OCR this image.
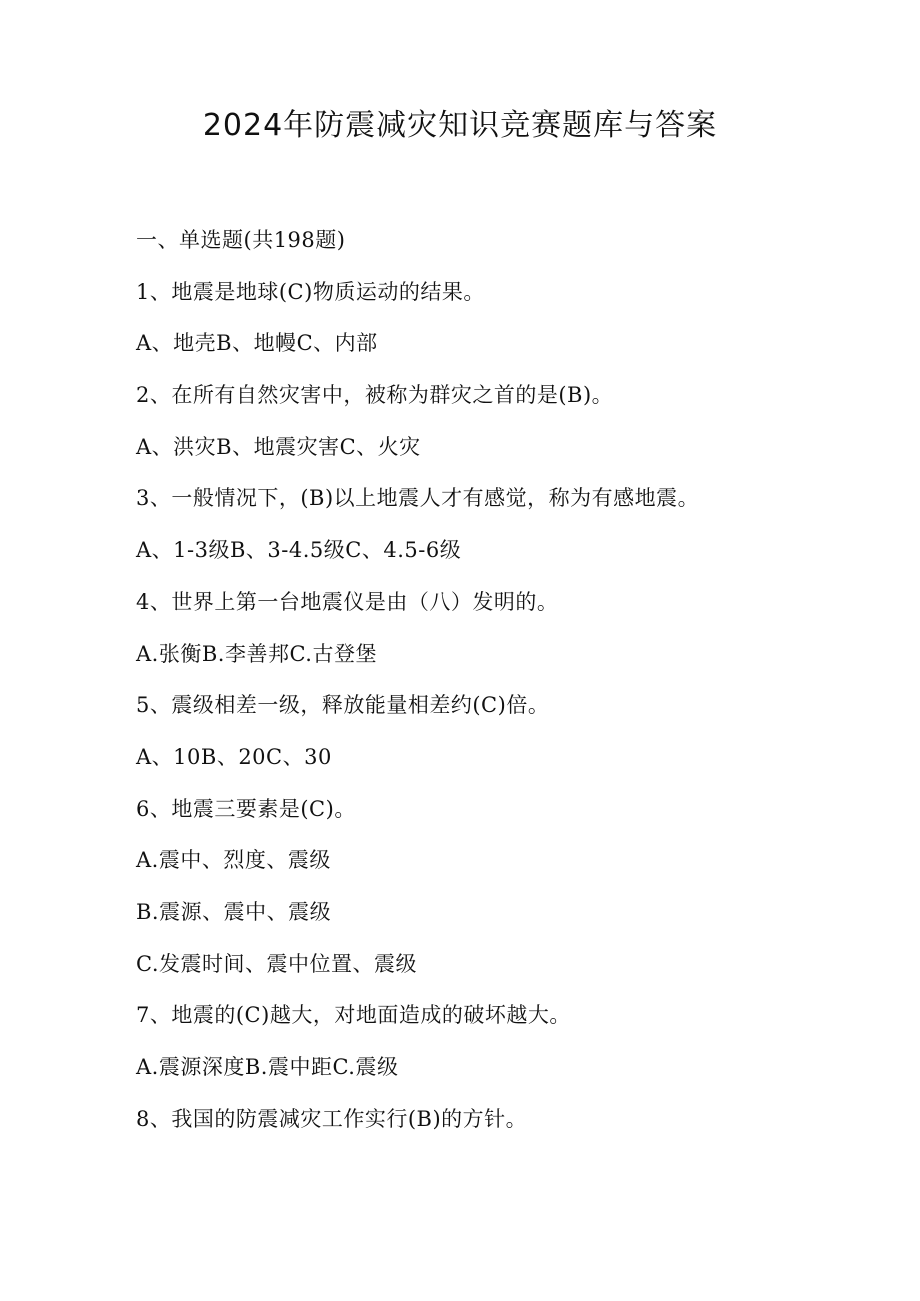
2024年防震减灾知识竞赛题库与答案
一、单选题(共198题)
1、地震是地球(C)物质运动的结果。
A、地壳B、地幔C、内部
2、在所有自然灾害中，被称为群灾之首的是(B)。
A、洪灾B、地震灾害C、火灾
3、一般情况下，(B)以上地震人才有感觉，称为有感地震。
A、1-3级B、3-4.5级C、4.5-6级
4、世界上第一台地震仪是由（八）发明的。
A.张衡B.李善邦C.古登堡
5、震级相差一级，释放能量相差约(C)倍。
A、10B、20C、30
6、地震三要素是(C)。
A.震中、烈度、震级
B.震源、震中、震级
C.发震时间、震中位置、震级
7、地震的(C)越大，对地面造成的破坏越大。
A.震源深度B.震中距C.震级
8、我国的防震减灾工作实行(B)的方针。
